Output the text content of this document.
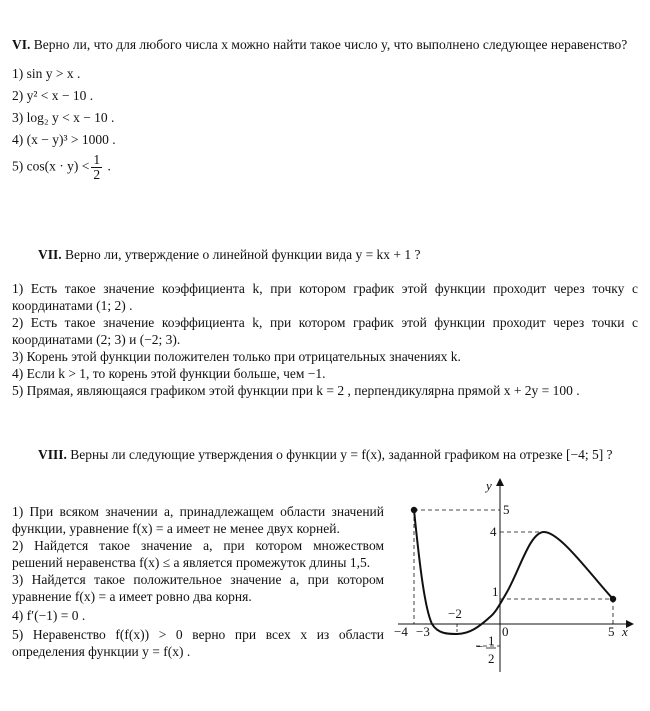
VI. Верно ли, что для любого числа x можно найти такое число y, что выполнено следующее неравенство?

1) sin y > x .

2) y² < x − 10 .

3) log₂ y < x − 10 .

4) (x − y)³ > 1000 .

5) $\cos(x \cdot y) < \frac{1}{2}$ .

VII. Верно ли, утверждение о линейной функции вида y = kx + 1 ?

1) Есть такое значение коэффициента k, при котором график этой функции проходит через точку с координатами (1; 2) .

2) Есть такое значение коэффициента k, при котором график этой функции проходит через точки с координатами (2; 3) и (−2; 3).

3) Корень этой функции положителен только при отрицательных значениях k.

4) Если k > 1, то корень этой функции больше, чем −1.

5) Прямая, являющаяся графиком этой функции при k = 2 , перпендикулярна прямой x + 2y = 100 .

VIII. Верны ли следующие утверждения о функции y = f(x), заданной графиком на отрезке [−4; 5] ?

1) При всяком значении a, принадлежащем области значений функции, уравнение f(x) = a имеет не менее двух корней.

2) Найдется такое значение a, при котором множеством решений неравенства f(x) ≤ a является промежуток длины 1,5.

3) Найдется такое положительное значение a, при котором уравнение f(x) = a имеет ровно два корня.

4) f′(−1) = 0 .

5) Неравенство f(f(x)) > 0 верно при всех x из области определения функции y = f(x) .

y
x
5
4
1
−4 −3	0	5
−2
− 1
2
